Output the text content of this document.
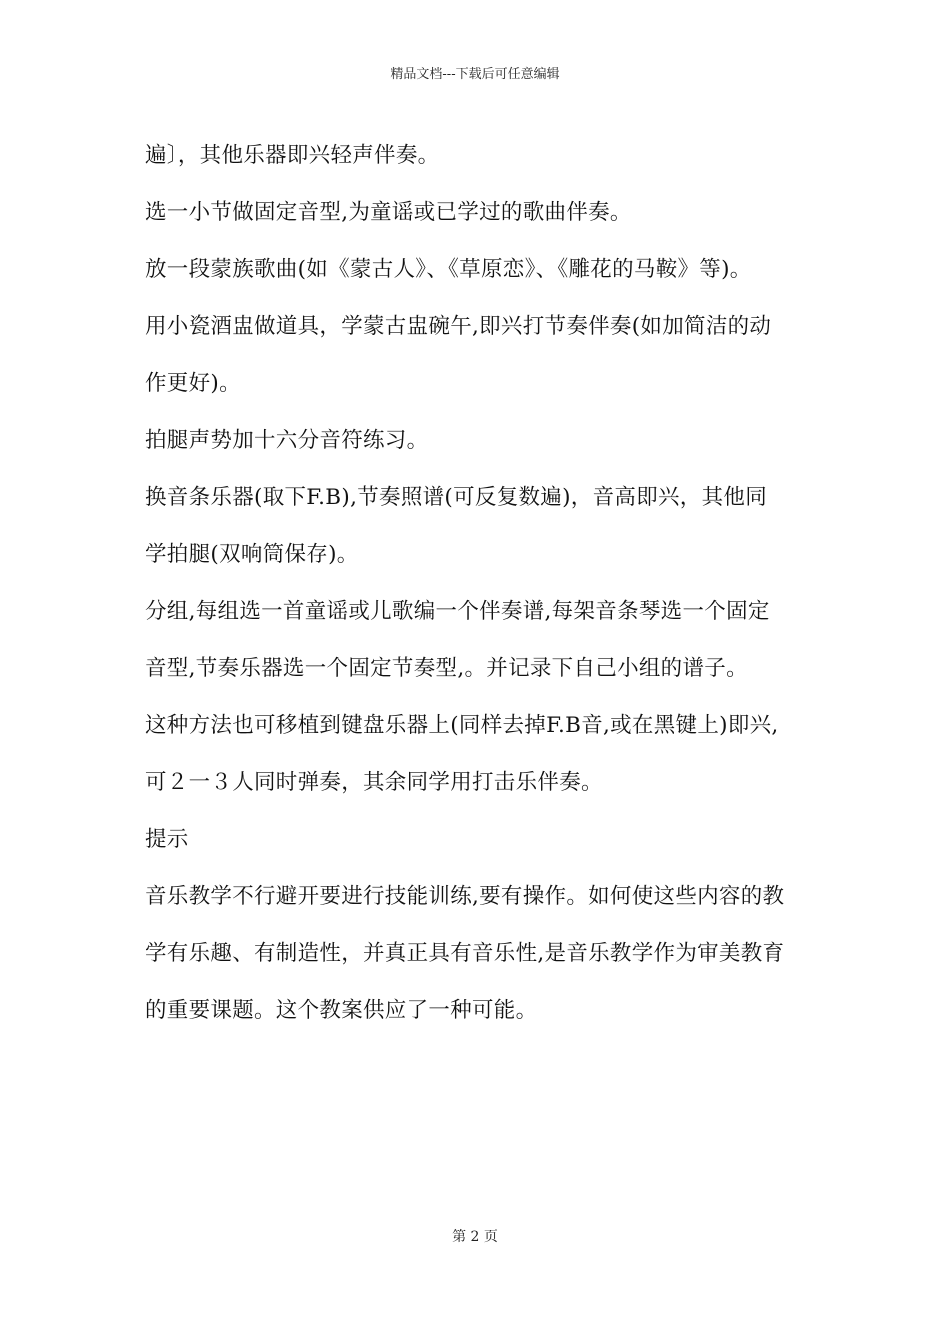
精品文档---下载后可任意编辑
遍〕，其他乐器即兴轻声伴奏。
选一小节做固定音型,为童谣或已学过的歌曲伴奏。
放一段蒙族歌曲(如《蒙古人》、《草原恋》、《雕花的马鞍》等)。
用小瓷酒盅做道具，学蒙古盅碗午,即兴打节奏伴奏(如加简洁的动
作更好)。
拍腿声势加十六分音符练习。
换音条乐器(取下F.B),节奏照谱(可反复数遍)，音高即兴，其他同
学拍腿(双响筒保存)。
分组,每组选一首童谣或儿歌编一个伴奏谱,每架音条琴选一个固定
音型,节奏乐器选一个固定节奏型,。并记录下自己小组的谱子。
这种方法也可移植到键盘乐器上(同样去掉F.B音,或在黑键上)即兴,
可２一３人同时弹奏，其余同学用打击乐伴奏。
提示
音乐教学不行避开要进行技能训练,要有操作。如何使这些内容的教
学有乐趣、有制造性，并真正具有音乐性,是音乐教学作为审美教育
的重要课题。这个教案供应了一种可能。
第 2 页
